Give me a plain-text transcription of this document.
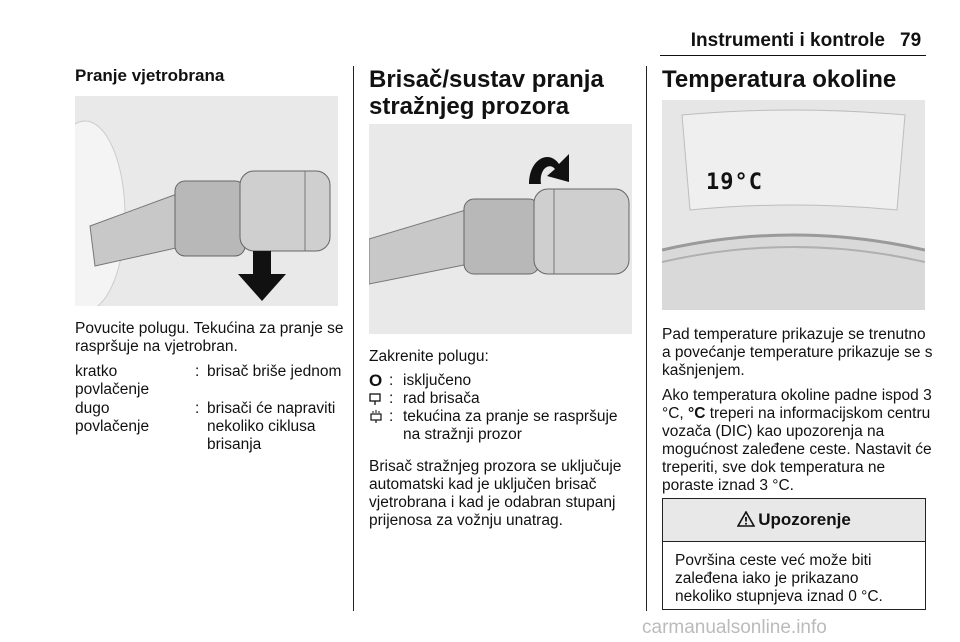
Instrumenti i kontrole 79
Pranje vjetrobrana

Povucite polugu. Tekućina za pranje se raspršuje na vjetrobran.

kratko povlačenje
: brisač briše jednom
dugo povlačenje
: brisači će napraviti nekoliko ciklusa brisanja
Brisač/sustav pranja stražnjeg prozora

Zakrenite polugu:

O : isključeno
: rad brisača
: tekućina za pranje se raspršuje na stražnji prozor

Brisač stražnjeg prozora se uključuje automatski kad je uključen brisač vjetrobrana i kad je odabran stupanj prijenosa za vožnju unatrag.

Temperatura okoline
19°C

Pad temperature prikazuje se trenutno a povećanje temperature prikazuje se s kašnjenjem.

Ako temperatura okoline padne ispod 3 °C, °C treperi na informacijskom centru vozača (DIC) kao upozorenja na mogućnost zaleđene ceste. Nastavit će treperiti, sve dok temperatura ne poraste iznad 3 °C.

Upozorenje
Površina ceste već može biti zaleđena iako je prikazano nekoliko stupnjeva iznad 0 °C.
carmanualsonline.info
